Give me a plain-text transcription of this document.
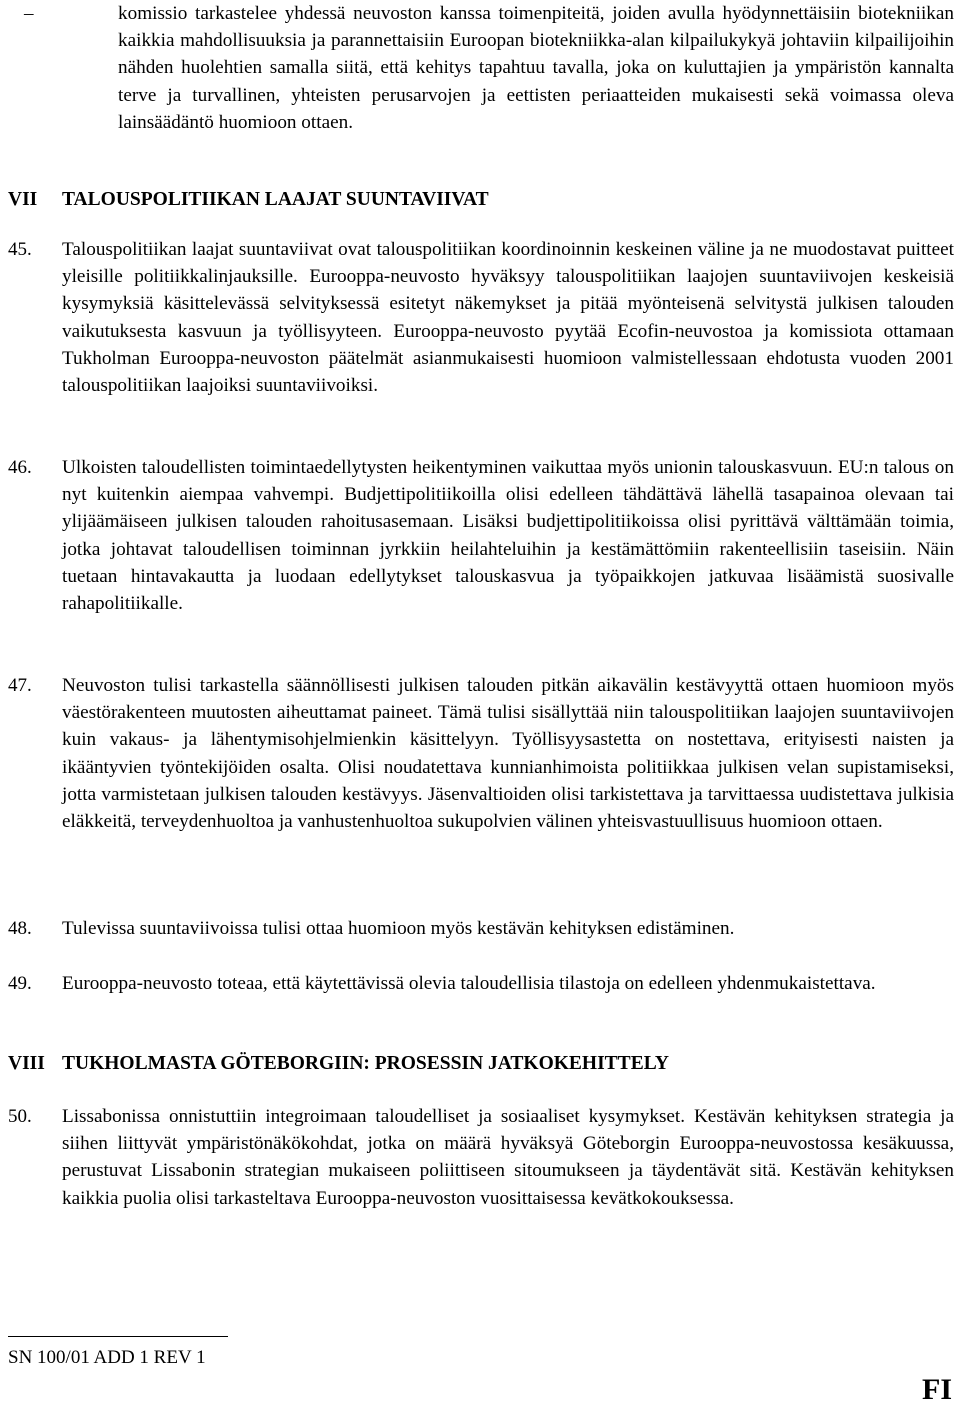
–	komissio tarkastelee yhdessä neuvoston kanssa toimenpiteitä, joiden avulla hyödynnettäisiin biotekniikan kaikkia mahdollisuuksia ja parannettaisiin Euroopan biotekniikka-alan kilpailukykyä johtaviin kilpailijoihin nähden huolehtien samalla siitä, että kehitys tapahtuu tavalla, joka on kuluttajien ja ympäristön kannalta terve ja turvallinen, yhteisten perusarvojen ja eettisten periaatteiden mukaisesti sekä voimassa oleva lainsäädäntö huomioon ottaen.

VII TALOUSPOLITIIKAN LAAJAT SUUNTAVIIVAT
45. Talouspolitiikan laajat suuntaviivat ovat talouspolitiikan koordinoinnin keskeinen väline ja ne muodostavat puitteet yleisille politiikkalinjauksille. Eurooppa-neuvosto hyväksyy talouspolitiikan laajojen suuntaviivojen keskeisiä kysymyksiä käsittelevässä selvityksessä esitetyt näkemykset ja pitää myönteisenä selvitystä julkisen talouden vaikutuksesta kasvuun ja työllisyyteen. Eurooppa-neuvosto pyytää Ecofin-neuvostoa ja komissiota ottamaan Tukholman Eurooppa-neuvoston päätelmät asianmukaisesti huomioon valmistellessaan ehdotusta vuoden 2001 talouspolitiikan laajoiksi suuntaviivoiksi.

46. Ulkoisten taloudellisten toimintaedellytysten heikentyminen vaikuttaa myös unionin talouskasvuun. EU:n talous on nyt kuitenkin aiempaa vahvempi. Budjettipolitiikoilla olisi edelleen tähdättävä lähellä tasapainoa olevaan tai ylijäämäiseen julkisen talouden rahoitusasemaan. Lisäksi budjettipolitiikoissa olisi pyrittävä välttämään toimia, jotka johtavat taloudellisen toiminnan jyrkkiin heilahteluihin ja kestämättömiin rakenteellisiin taseisiin. Näin tuetaan hintavakautta ja luodaan edellytykset talouskasvua ja työpaikkojen jatkuvaa lisäämistä suosivalle rahapolitiikalle.

47. Neuvoston tulisi tarkastella säännöllisesti julkisen talouden pitkän aikavälin kestävyyttä ottaen huomioon myös väestörakenteen muutosten aiheuttamat paineet. Tämä tulisi sisällyttää niin talouspolitiikan laajojen suuntaviivojen kuin vakaus- ja lähentymisohjelmienkin käsittelyyn. Työllisyysastetta on nostettava, erityisesti naisten ja ikääntyvien työntekijöiden osalta. Olisi noudatettava kunnianhimoista politiikkaa julkisen velan supistamiseksi, jotta varmistetaan julkisen talouden kestävyys. Jäsenvaltioiden olisi tarkistettava ja tarvittaessa uudistettava julkisia eläkkeitä, terveydenhuoltoa ja vanhustenhuoltoa sukupolvien välinen yhteisvastuullisuus huomioon ottaen.

48. Tulevissa suuntaviivoissa tulisi ottaa huomioon myös kestävän kehityksen edistäminen.

49. Eurooppa-neuvosto toteaa, että käytettävissä olevia taloudellisia tilastoja on edelleen yhdenmukaistettava.

VIII TUKHOLMASTA GÖTEBORGIIN: PROSESSIN JATKOKEHITTELY
50. Lissabonissa onnistuttiin integroimaan taloudelliset ja sosiaaliset kysymykset. Kestävän kehityksen strategia ja siihen liittyvät ympäristönäkökohdat, jotka on määrä hyväksyä Göteborgin Eurooppa-neuvostossa kesäkuussa, perustuvat Lissabonin strategian mukaiseen poliittiseen sitoumukseen ja täydentävät sitä. Kestävän kehityksen kaikkia puolia olisi tarkasteltava Eurooppa-neuvoston vuosittaisessa kevätkokouksessa.

SN 100/01 ADD 1 REV 1
FI
